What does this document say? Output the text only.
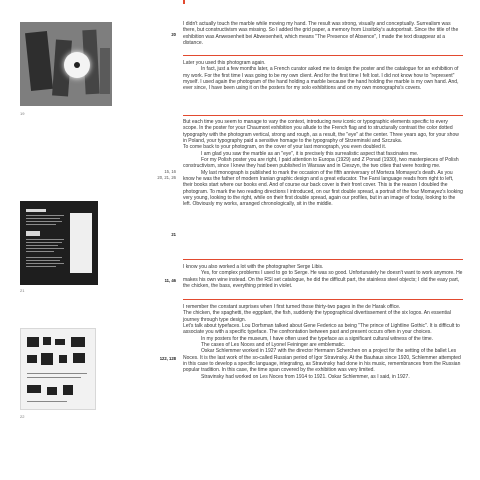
19
21
22
20

I didn't actually touch the marble while moving my hand. The result was strong, visually and conceptually. Surrealism was there, but constructivism was missing. So I added the grid paper, a memory from Lissitzky's autoportrait. Since the title of the exhibition was Anwesenheit bei Abwesenheit, which means "The Presence of Absence", I made the text disappear at a distance.

Later you used this photogram again.

In fact, just a few months later, a French curator asked me to design the poster and the catalogue for an exhibition of my work. For the first time I was going to be my own client. And for the first time I felt lost. I did not know how to "represent" myself. I used again the photogram of the hand holding a marble because the hand holding the marble is my own hand. And, ever since, I have been using it on the posters for my solo exhibitions and on my own monographs's covers.

15, 16
20, 21, 26
21

But each time you seem to manage to vary the context, introducing new iconic or typographic elements specific to every scope. In the poster for your Chaumont exhibition you allude to the French flag and to structurally contrast the color dotted typography with the photogram vertical, strong and rough, as a result, the "eye" at the center. Three years ago, for your show in Poland, your typography paid a sensitive homage to the typography of Strzeminski and Szczuka.

To come back to your photogram, on the cover of your last monograph, you even doubled it.

I am glad you saw the marble as an "eye", it is precisely this surrealistic aspect that fascinates me.

For my Polish poster you are right, I paid attention to Europa (1929) and Z Ponad (1930), two masterpieces of Polish constructivism, since I knew they had been published in Warsaw and in Cieszyn, the two cities that were hosting me.

My last monograph is published to mark the occasion of the fifth anniversary of Morteza Momayez's death. As you know he was the father of modern Iranian graphic design and a great educator. The Farsi language reads from right to left, their books start where our books end. And of course our back cover is their front cover. This is the reason I doubled the photogram. To mark the two reading directions I introduced, on our first double spread, a portrait of the four Momayez's looking very young, looking to the right, while on their first double spread, again our profiles, but in an image of today, looking to the left. Obviously my works, arranged chronologically, sit in the middle.

11, 46

I know you also worked a lot with the photographer Serge Libis.

Yes, for complex problems I used to go to Serge. He was so good. Unfortunately he doesn't want to work anymore. He makes his own wine instead. On the RSI set catalogue, he did the difficult part, the stainless steel objects; I did the easy part, the chicken, the bass, everything printed in violet.

122, 128

I remember the constant surprises when I first turned those thirty-two pages in the de Harak office.

The chicken, the spaghetti, the eggplant, the fish, suddenly the typographical divertissement of the six logos. An essential journey through type design.

Let's talk about typefaces. Lou Dorfsman talked about Gene Federico as being "The prince of Lightline Gothic". It is difficult to associate you with a specific typeface. The confrontation between past and present occurs often in your choices.

In my posters for the museum, I have often used the typeface as a significant cultural witness of the time.

The cases of Les Noces and of Lyonel Feininger are emblematic.

Oskar Schlemmer worked in 1927 with the director Hermann Scherchen on a project for the setting of the ballet Les Noces. It is the last work of the so-called Russian period of Igor Stravinsky. At the Bauhaus since 1920, Schlemmer attempted in this case to develop a specific language, integrating, as Stravinsky had done in his music, remembrances from the Russian popular tradition. In this case, the time span covered by the exhibition was very limited.

Stravinsky had worked on Les Noces from 1914 to 1921. Oskar Schlemmer, as I said, in 1927.
